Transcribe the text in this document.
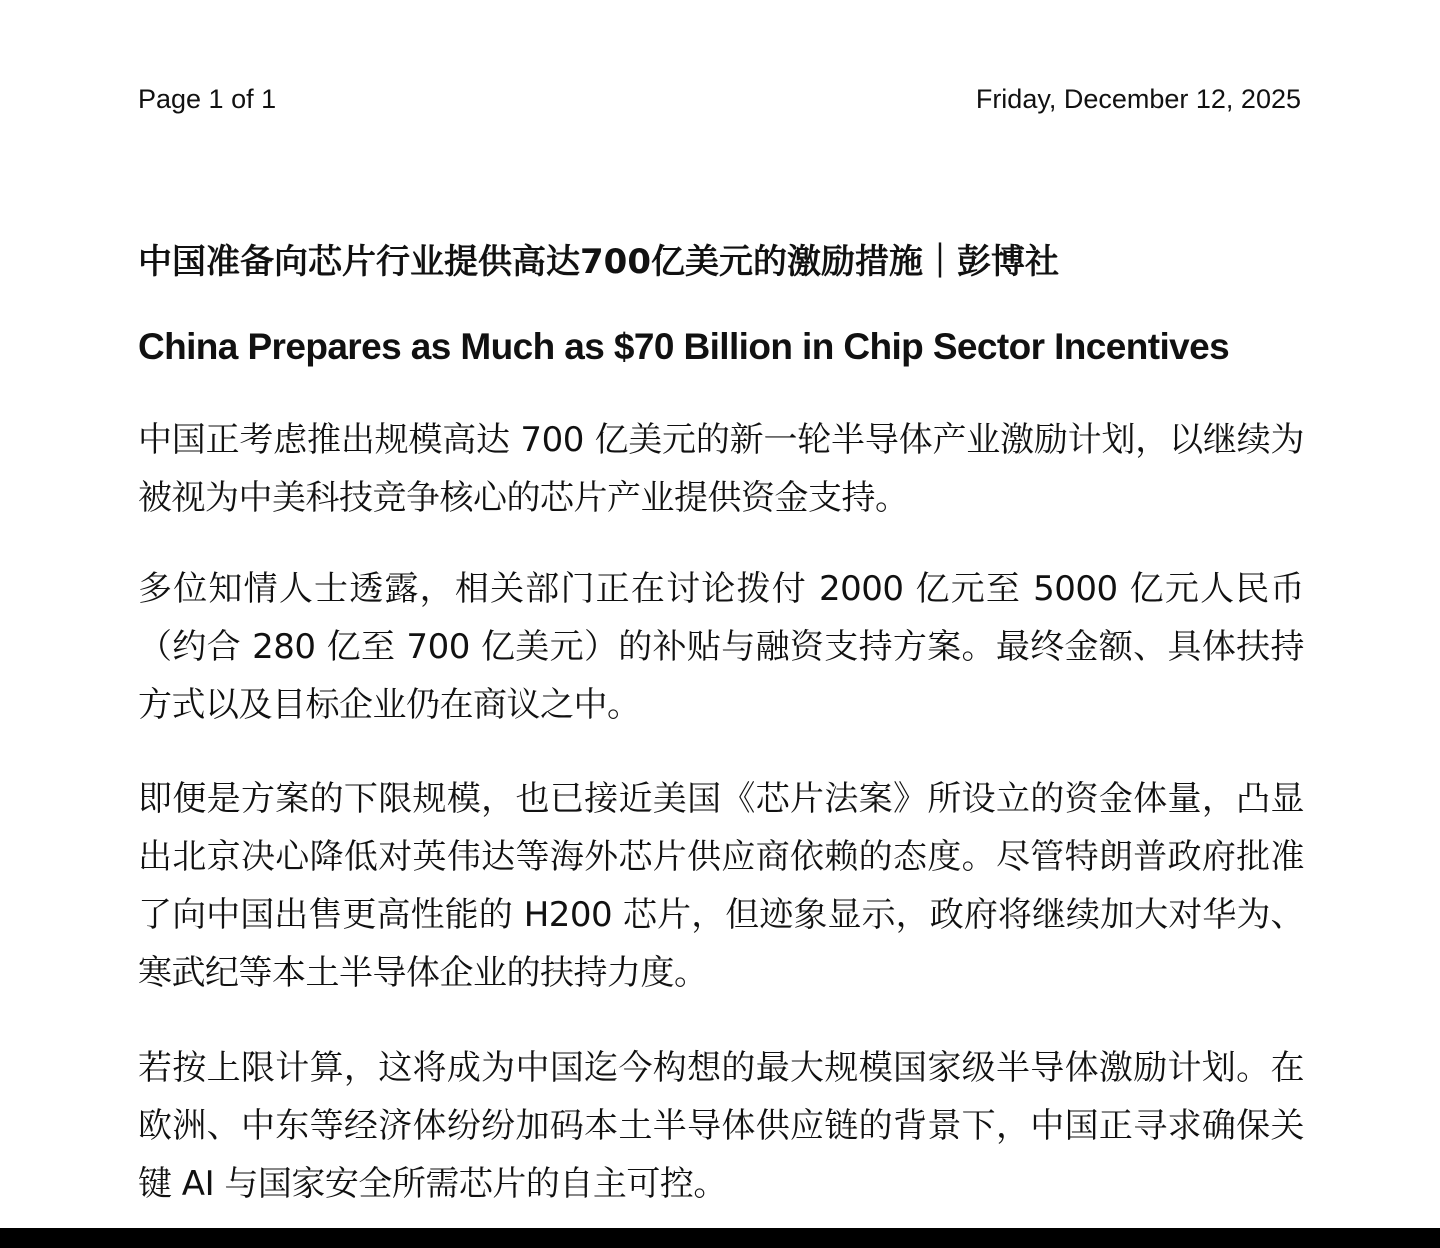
Page 1 of 1	Friday, December 12, 2025
中国准备向芯片行业提供高达700亿美元的激励措施｜彭博社
China Prepares as Much as $70 Billion in Chip Sector Incentives

中国正考虑推出规模高达 700 亿美元的新一轮半导体产业激励计划，以继续为被视为中美科技竞争核心的芯片产业提供资金支持。

多位知情人士透露，相关部门正在讨论拨付 2000 亿元至 5000 亿元人民币（约合 280 亿至 700 亿美元）的补贴与融资支持方案。最终金额、具体扶持方式以及目标企业仍在商议之中。

即便是方案的下限规模，也已接近美国《芯片法案》所设立的资金体量，凸显出北京决心降低对英伟达等海外芯片供应商依赖的态度。尽管特朗普政府批准了向中国出售更高性能的 H200 芯片，但迹象显示，政府将继续加大对华为、寒武纪等本土半导体企业的扶持力度。

若按上限计算，这将成为中国迄今构想的最大规模国家级半导体激励计划。在欧洲、中东等经济体纷纷加码本土半导体供应链的背景下，中国正寻求确保关键 AI 与国家安全所需芯片的自主可控。
